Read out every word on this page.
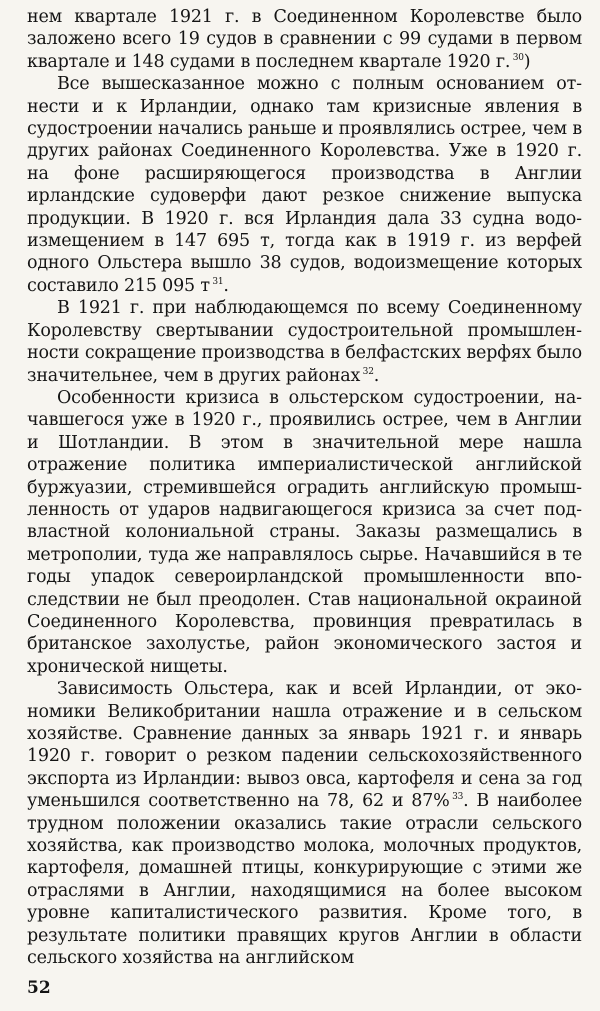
нем квартале 1921 г. в Соединенном Королевстве было заложено всего 19 судов в сравнении с 99 судами в первом квартале и 148 судами в последнем квартале 1920 г.  $^{30}$)

Все вышесказанное можно с полным основанием отнести и к Ирландии, однако там кризисные явления в судостроении начались раньше и проявлялись острее, чем в других районах Соединенного Королевства. Уже в 1920 г. на фоне расширяющегося производства в Англии ирландские судоверфи дают резкое снижение выпуска продукции. В 1920 г. вся Ирландия дала 33 судна водоизмещением в 147 695 т, тогда как в 1919 г. из верфей одного Ольстера вышло 38 судов, водоизмещение которых составило 215 095 т  $^{31}$.

В 1921 г. при наблюдающемся по всему Соединенному Королевству свертывании судостроительной промышленности сокращение производства в белфастских верфях было значительнее, чем в других районах  $^{32}$.

Особенности кризиса в ольстерском судостроении, начавшегося уже в 1920 г., проявились острее, чем в Англии и Шотландии. В этом в значительной мере нашла отражение политика империалистической английской буржуазии, стремившейся оградить английскую промышленность от ударов надвигающегося кризиса за счет подвластной колониальной страны. Заказы размещались в метрополии, туда же направлялось сырье. Начавшийся в те годы упадок североирландской промышленности впоследствии не был преодолен. Став национальной окраиной Соединенного Королевства, провинция превратилась в британское захолустье, район экономического застоя и хронической нищеты.

Зависимость Ольстера, как и всей Ирландии, от экономики Великобритании нашла отражение и в сельском хозяйстве. Сравнение данных за январь 1921 г. и январь 1920 г. говорит о резком падении сельскохозяйственного экспорта из Ирландии: вывоз овса, картофеля и сена за год уменьшился соответственно на 78, 62 и 87%  $^{33}$. В наиболее трудном положении оказались такие отрасли сельского хозяйства, как производство молока, молочных продуктов, картофеля, домашней птицы, конкурирующие с этими же отраслями в Англии, находящимися на более высоком уровне капиталистического развития. Кроме того, в результате политики правящих кругов Англии в области сельского хозяйства на английском

52
